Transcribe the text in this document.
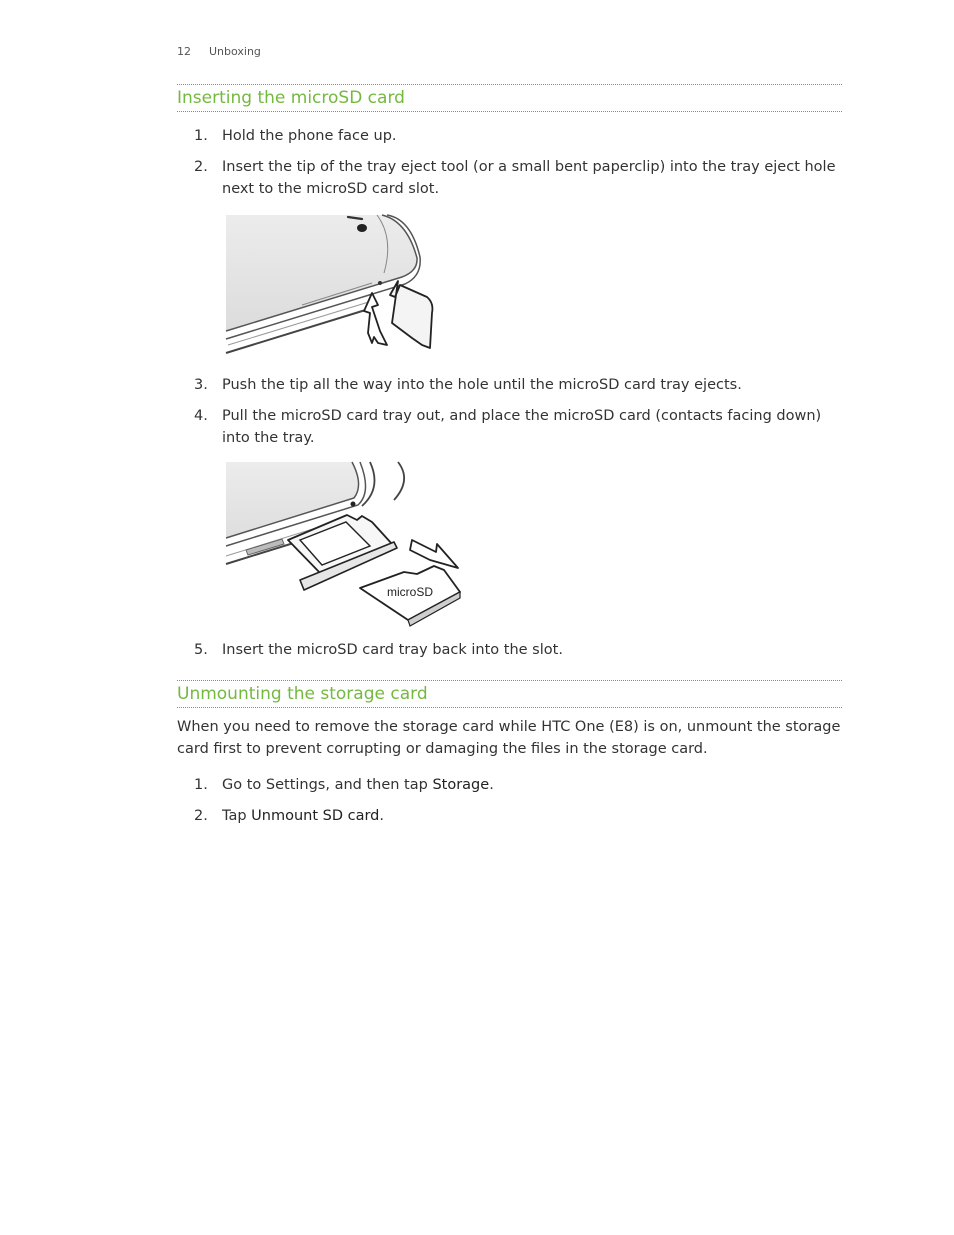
12 Unboxing
Inserting the microSD card
1. Hold the phone face up.
2. Insert the tip of the tray eject tool (or a small bent paperclip) into the tray eject hole next to the microSD card slot.
3. Push the tip all the way into the hole until the microSD card tray ejects.
4. Pull the microSD card tray out, and place the microSD card (contacts facing down) into the tray.
microSD
5. Insert the microSD card tray back into the slot.
Unmounting the storage card
When you need to remove the storage card while HTC One (E8) is on, unmount the storage card first to prevent corrupting or damaging the files in the storage card.
1. Go to Settings, and then tap Storage.
2. Tap Unmount SD card.
